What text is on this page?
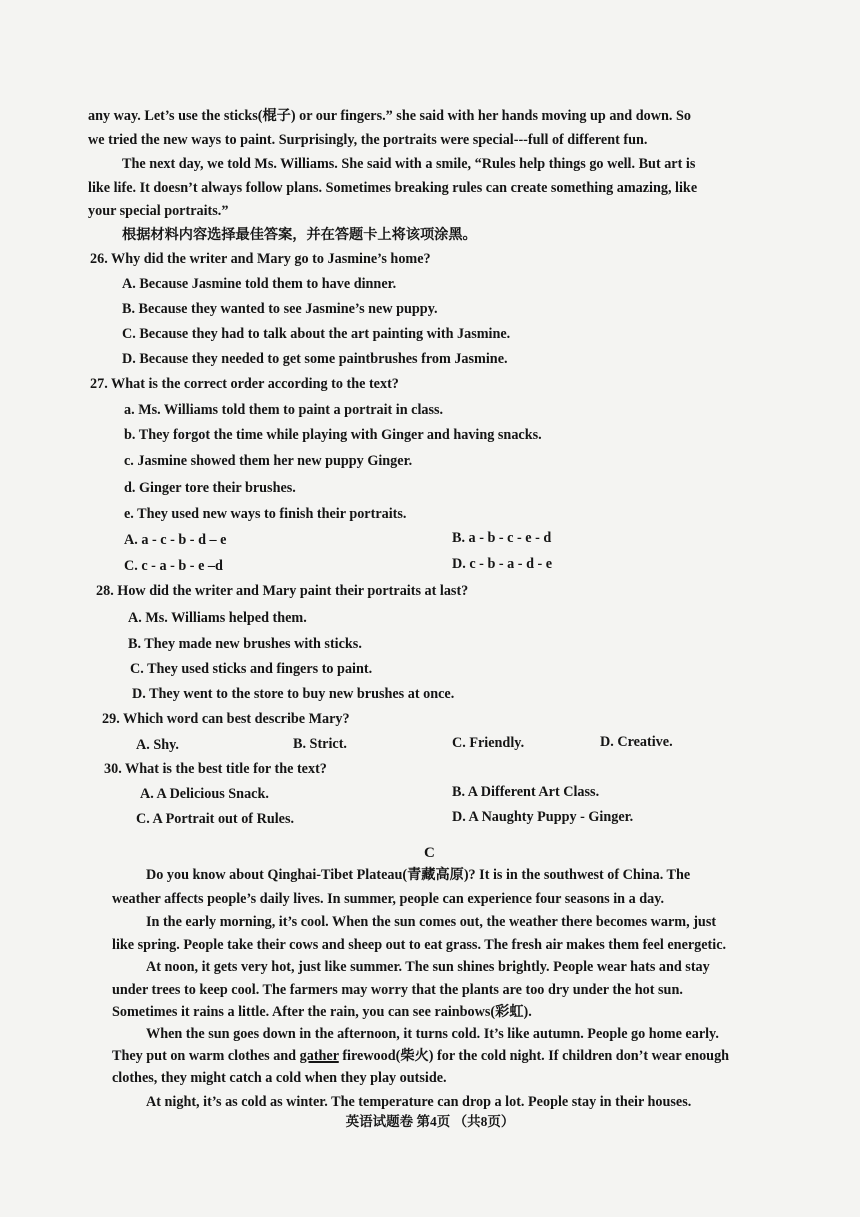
any way. Let’s use the sticks(棍子) or our fingers.” she said with her hands moving up and down. So
we tried the new ways to paint. Surprisingly, the portraits were special---full of different fun.
The next day, we told Ms. Williams. She said with a smile, “Rules help things go well. But art is
like life. It doesn’t always follow plans. Sometimes breaking rules can create something amazing, like
your special portraits.”
根据材料内容选择最佳答案，并在答题卡上将该项涂黑。
26. Why did the writer and Mary go to Jasmine’s home?
A. Because Jasmine told them to have dinner.
B. Because they wanted to see Jasmine’s new puppy.
C. Because they had to talk about the art painting with Jasmine.
D. Because they needed to get some paintbrushes from Jasmine.
27. What is the correct order according to the text?
a. Ms. Williams told them to paint a portrait in class.
b. They forgot the time while playing with Ginger and having snacks.
c. Jasmine showed them her new puppy Ginger.
d. Ginger tore their brushes.
e. They used new ways to finish their portraits.
A. a - c - b - d – e	B. a - b - c - e - d
C. c - a - b - e –d	D. c - b - a - d - e
28. How did the writer and Mary paint their portraits at last?
A. Ms. Williams helped them.
B. They made new brushes with sticks.
C. They used sticks and fingers to paint.
D. They went to the store to buy new brushes at once.
29. Which word can best describe Mary?
A. Shy.	B. Strict.	C. Friendly.	D. Creative.
30. What is the best title for the text?
A. A Delicious Snack.	B. A Different Art Class.
C. A Portrait out of Rules.	D. A Naughty Puppy - Ginger.
C
Do you know about Qinghai-Tibet Plateau(青藏高原)? It is in the southwest of China. The
weather affects people’s daily lives. In summer, people can experience four seasons in a day.
In the early morning, it’s cool. When the sun comes out, the weather there becomes warm, just
like spring. People take their cows and sheep out to eat grass. The fresh air makes them feel energetic.
At noon, it gets very hot, just like summer. The sun shines brightly. People wear hats and stay
under trees to keep cool. The farmers may worry that the plants are too dry under the hot sun.
Sometimes it rains a little. After the rain, you can see rainbows(彩虹).
When the sun goes down in the afternoon, it turns cold. It’s like autumn. People go home early.
They put on warm clothes and gather firewood(柴火) for the cold night. If children don’t wear enough
clothes, they might catch a cold when they play outside.
At night, it’s as cold as winter. The temperature can drop a lot. People stay in their houses.
英语试题卷 第4页 （共8页）
